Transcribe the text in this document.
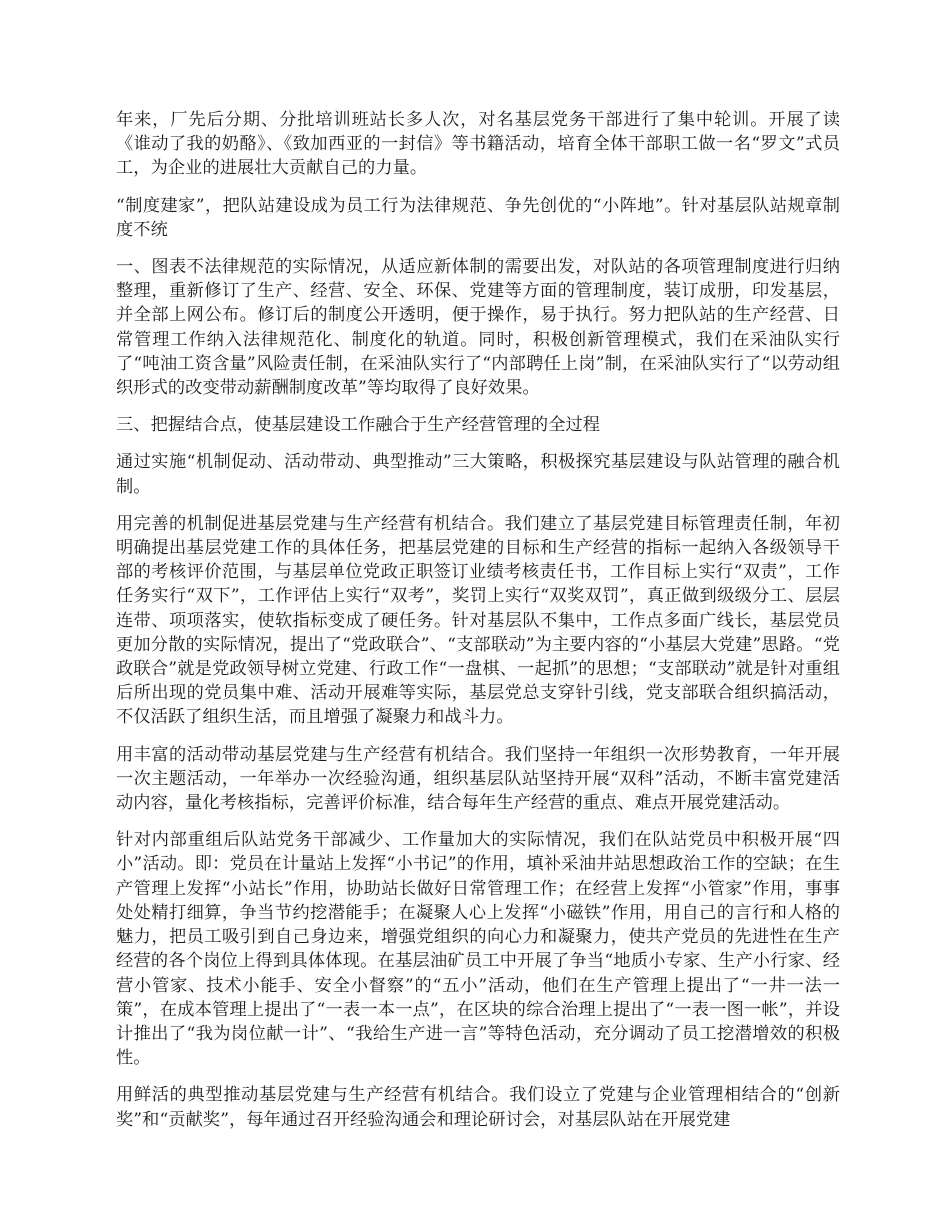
年来，厂先后分期、分批培训班站长多人次，对名基层党务干部进行了集中轮训。开展了读《谁动了我的奶酪》、《致加西亚的一封信》等书籍活动，培育全体干部职工做一名“罗文”式员工，为企业的进展壮大贡献自己的力量。

“制度建家”，把队站建设成为员工行为法律规范、争先创优的“小阵地”。针对基层队站规章制度不统

一、图表不法律规范的实际情况，从适应新体制的需要出发，对队站的各项管理制度进行归纳整理，重新修订了生产、经营、安全、环保、党建等方面的管理制度，装订成册，印发基层，并全部上网公布。修订后的制度公开透明，便于操作，易于执行。努力把队站的生产经营、日常管理工作纳入法律规范化、制度化的轨道。同时，积极创新管理模式，我们在采油队实行了“吨油工资含量”风险责任制，在采油队实行了“内部聘任上岗”制，在采油队实行了“以劳动组织形式的改变带动薪酬制度改革”等均取得了良好效果。

三、把握结合点，使基层建设工作融合于生产经营管理的全过程

通过实施“机制促动、活动带动、典型推动”三大策略，积极探究基层建设与队站管理的融合机制。

用完善的机制促进基层党建与生产经营有机结合。我们建立了基层党建目标管理责任制，年初明确提出基层党建工作的具体任务，把基层党建的目标和生产经营的指标一起纳入各级领导干部的考核评价范围，与基层单位党政正职签订业绩考核责任书，工作目标上实行“双责”，工作任务实行“双下”，工作评估上实行“双考”，奖罚上实行“双奖双罚”，真正做到级级分工、层层连带、项项落实，使软指标变成了硬任务。针对基层队不集中，工作点多面广线长，基层党员更加分散的实际情况，提出了“党政联合”、“支部联动”为主要内容的“小基层大党建”思路。“党政联合”就是党政领导树立党建、行政工作“一盘棋、一起抓”的思想；“支部联动”就是针对重组后所出现的党员集中难、活动开展难等实际，基层党总支穿针引线，党支部联合组织搞活动，不仅活跃了组织生活，而且增强了凝聚力和战斗力。

用丰富的活动带动基层党建与生产经营有机结合。我们坚持一年组织一次形势教育，一年开展一次主题活动，一年举办一次经验沟通，组织基层队站坚持开展“双科”活动，不断丰富党建活动内容，量化考核指标，完善评价标准，结合每年生产经营的重点、难点开展党建活动。

针对内部重组后队站党务干部减少、工作量加大的实际情况，我们在队站党员中积极开展“四小”活动。即：党员在计量站上发挥“小书记”的作用，填补采油井站思想政治工作的空缺；在生产管理上发挥“小站长”作用，协助站长做好日常管理工作；在经营上发挥“小管家”作用，事事处处精打细算，争当节约挖潜能手；在凝聚人心上发挥“小磁铁”作用，用自己的言行和人格的魅力，把员工吸引到自己身边来，增强党组织的向心力和凝聚力，使共产党员的先进性在生产经营的各个岗位上得到具体体现。在基层油矿员工中开展了争当“地质小专家、生产小行家、经营小管家、技术小能手、安全小督察”的“五小”活动，他们在生产管理上提出了“一井一法一策”，在成本管理上提出了“一表一本一点”，在区块的综合治理上提出了“一表一图一帐”，并设计推出了“我为岗位献一计”、“我给生产进一言”等特色活动，充分调动了员工挖潜增效的积极性。

用鲜活的典型推动基层党建与生产经营有机结合。我们设立了党建与企业管理相结合的“创新奖”和“贡献奖”，每年通过召开经验沟通会和理论研讨会，对基层队站在开展党建
